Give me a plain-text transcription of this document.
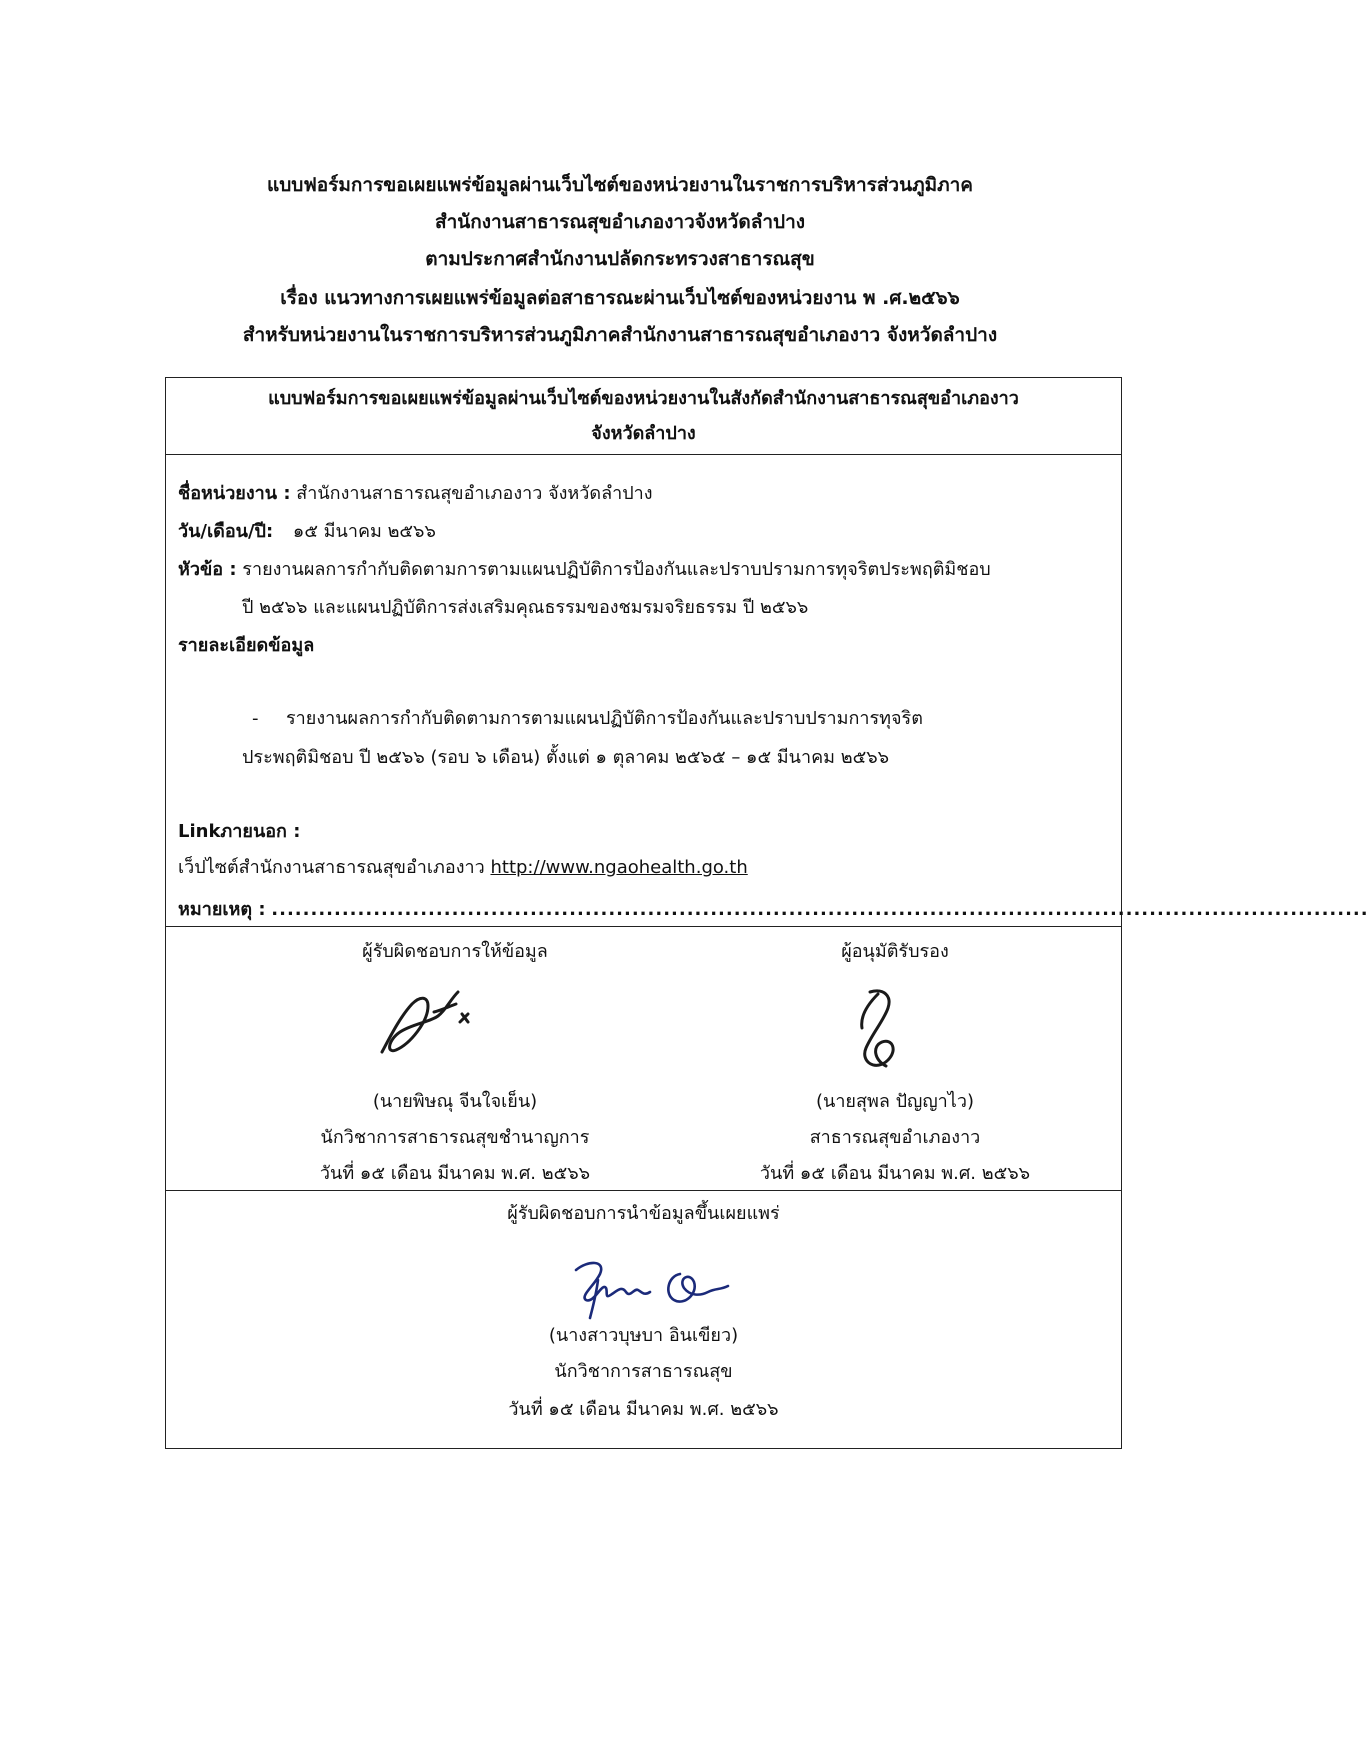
แบบฟอร์มการขอเผยแพร่ข้อมูลผ่านเว็บไซต์ของหน่วยงานในราชการบริหารส่วนภูมิภาค
สำนักงานสาธารณสุขอำเภองาวจังหวัดลำปาง
ตามประกาศสำนักงานปลัดกระทรวงสาธารณสุข
เรื่อง แนวทางการเผยแพร่ข้อมูลต่อสาธารณะผ่านเว็บไซต์ของหน่วยงาน พ .ศ.๒๕๖๖
สำหรับหน่วยงานในราชการบริหารส่วนภูมิภาคสำนักงานสาธารณสุขอำเภองาว จังหวัดลำปาง
แบบฟอร์มการขอเผยแพร่ข้อมูลผ่านเว็บไซต์ของหน่วยงานในสังกัดสำนักงานสาธารณสุขอำเภองาว
จังหวัดลำปาง
ชื่อหน่วยงาน : สำนักงานสาธารณสุขอำเภองาว จังหวัดลำปาง
วัน/เดือน/ปี: ๑๕ มีนาคม ๒๕๖๖
หัวข้อ : รายงานผลการกำกับติดตามการตามแผนปฏิบัติการป้องกันและปราบปรามการทุจริตประพฤติมิชอบ
ปี ๒๕๖๖ และแผนปฏิบัติการส่งเสริมคุณธรรมของชมรมจริยธรรม ปี ๒๕๖๖
รายละเอียดข้อมูล
- รายงานผลการกำกับติดตามการตามแผนปฏิบัติการป้องกันและปราบปรามการทุจริต
ประพฤติมิชอบ ปี ๒๕๖๖ (รอบ ๖ เดือน) ตั้งแต่ ๑ ตุลาคม ๒๕๖๕ – ๑๕ มีนาคม ๒๕๖๖
Linkภายนอก :
เว็ปไซต์สำนักงานสาธารณสุขอำเภองาว http://www.ngaohealth.go.th
หมายเหตุ : ............................................................................................................................................
ผู้รับผิดชอบการให้ข้อมูล
(นายพิษณุ จีนใจเย็น)
นักวิชาการสาธารณสุขชำนาญการ
วันที่ ๑๕ เดือน มีนาคม พ.ศ. ๒๕๖๖
ผู้อนุมัติรับรอง
(นายสุพล ปัญญาไว)
สาธารณสุขอำเภองาว
วันที่ ๑๕ เดือน มีนาคม พ.ศ. ๒๕๖๖
ผู้รับผิดชอบการนำข้อมูลขึ้นเผยแพร่
(นางสาวบุษบา อินเขียว)
นักวิชาการสาธารณสุข
วันที่ ๑๕ เดือน มีนาคม พ.ศ. ๒๕๖๖
